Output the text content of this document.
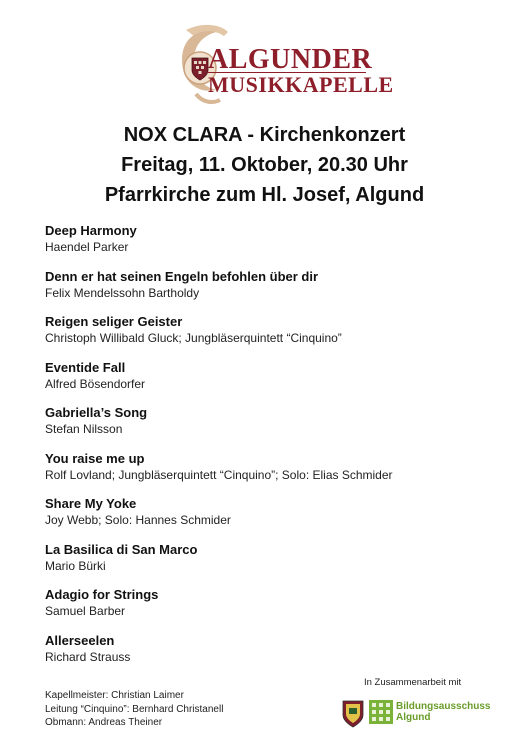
ALGUNDER
MUSIKKAPELLE
NOX CLARA - Kirchenkonzert
Freitag, 11. Oktober, 20.30 Uhr
Pfarrkirche zum Hl. Josef, Algund
Deep Harmony
Haendel Parker
Denn er hat seinen Engeln befohlen über dir
Felix Mendelssohn Bartholdy
Reigen seliger Geister
Christoph Willibald Gluck; Jungbläserquintett “Cinquino”
Eventide Fall
Alfred Bösendorfer
Gabriella’s Song
Stefan Nilsson
You raise me up
Rolf Lovland; Jungbläserquintett “Cinquino”; Solo: Elias Schmider
Share My Yoke
Joy Webb; Solo: Hannes Schmider
La Basilica di San Marco
Mario Bürki
Adagio for Strings
Samuel Barber
Allerseelen
Richard Strauss
Kapellmeister: Christian Laimer
Leitung “Cinquino”: Bernhard Christanell
Obmann: Andreas Theiner
In Zusammenarbeit mit
Bildungsausschuss
Algund
